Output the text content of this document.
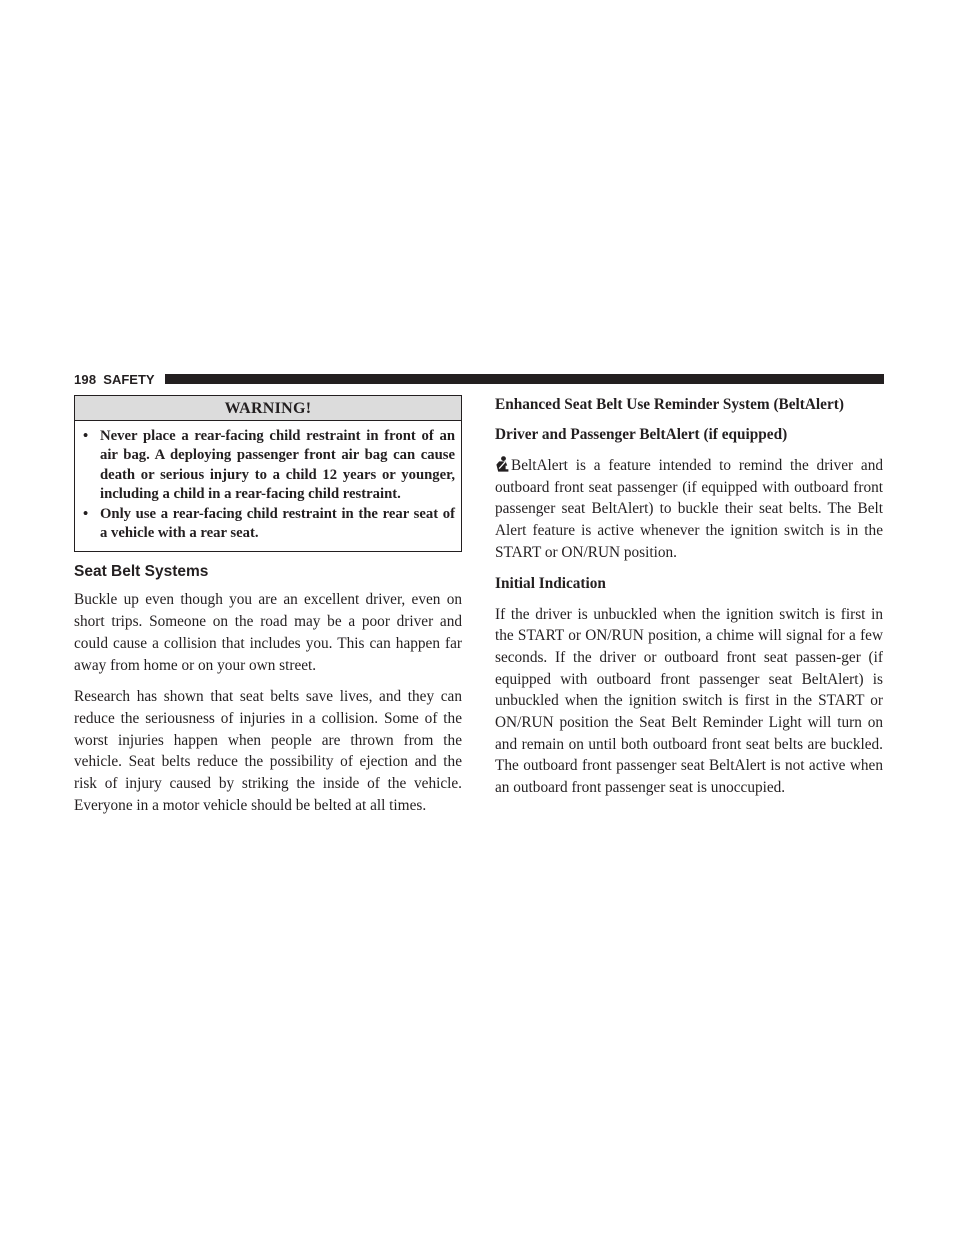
198 SAFETY
WARNING!
• Never place a rear-facing child restraint in front of an air bag. A deploying passenger front air bag can cause death or serious injury to a child 12 years or younger, including a child in a rear-facing child restraint.
• Only use a rear-facing child restraint in the rear seat of a vehicle with a rear seat.
Seat Belt Systems

Buckle up even though you are an excellent driver, even on short trips. Someone on the road may be a poor driver and could cause a collision that includes you. This can happen far away from home or on your own street.

Research has shown that seat belts save lives, and they can reduce the seriousness of injuries in a collision. Some of the worst injuries happen when people are thrown from the vehicle. Seat belts reduce the possibility of ejection and the risk of injury caused by striking the inside of the vehicle. Everyone in a motor vehicle should be belted at all times.

Enhanced Seat Belt Use Reminder System (BeltAlert)
Driver and Passenger BeltAlert (if equipped)

BeltAlert is a feature intended to remind the driver and outboard front seat passenger (if equipped with outboard front passenger seat BeltAlert) to buckle their seat belts. The Belt Alert feature is active whenever the ignition switch is in the START or ON/RUN position.

Initial Indication

If the driver is unbuckled when the ignition switch is first in the START or ON/RUN position, a chime will signal for a few seconds. If the driver or outboard front seat passen-ger (if equipped with outboard front passenger seat BeltAlert) is unbuckled when the ignition switch is first in the START or ON/RUN position the Seat Belt Reminder Light will turn on and remain on until both outboard front seat belts are buckled. The outboard front passenger seat BeltAlert is not active when an outboard front passenger seat is unoccupied.
